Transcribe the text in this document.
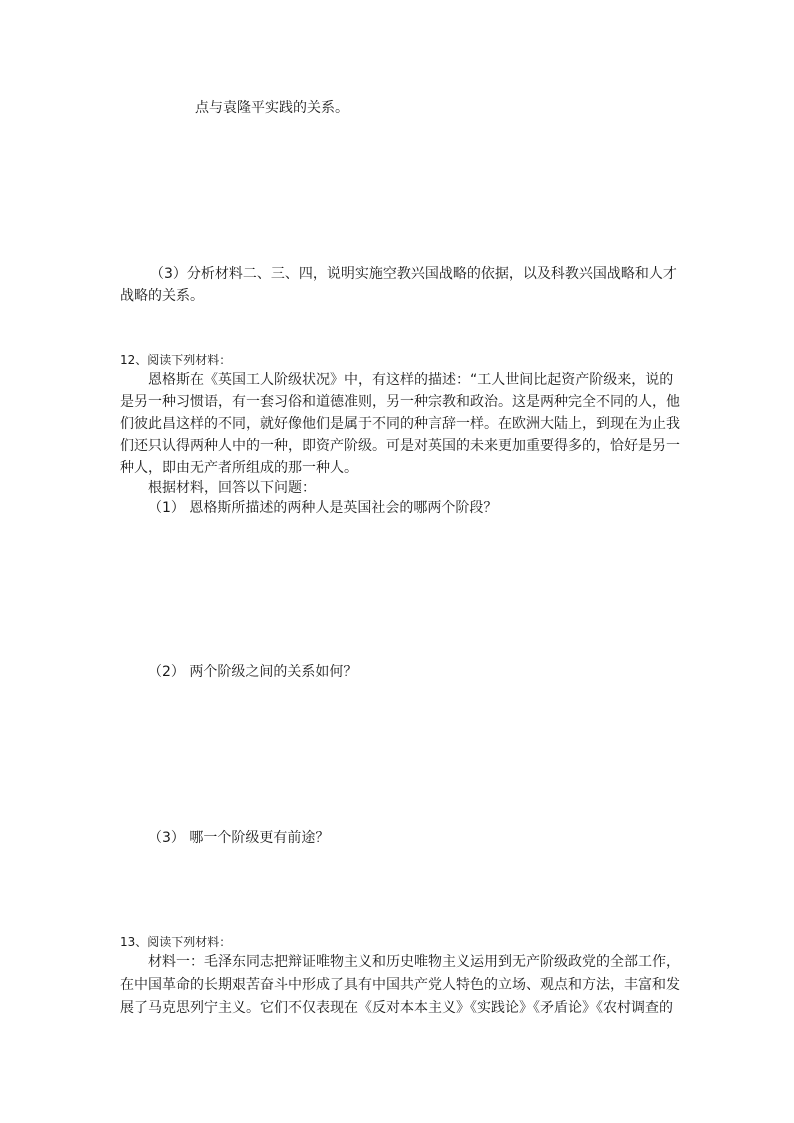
点与袁隆平实践的关系。
（3）分析材料二、三、四，说明实施空教兴国战略的依据，以及科教兴国战略和人才
战略的关系。
12、阅读下列材料：
恩格斯在《英国工人阶级状况》中，有这样的描述：“工人世间比起资产阶级来，说的
是另一种习惯语，有一套习俗和道德准则，另一种宗教和政治。这是两种完全不同的人，他
们彼此昌这样的不同，就好像他们是属于不同的种言辞一样。在欧洲大陆上，到现在为止我
们还只认得两种人中的一种，即资产阶级。可是对英国的未来更加重要得多的，恰好是另一
种人，即由无产者所组成的那一种人。
根据材料，回答以下问题：
（1） 恩格斯所描述的两种人是英国社会的哪两个阶段？
（2） 两个阶级之间的关系如何？
（3） 哪一个阶级更有前途？
13、阅读下列材料：
材料一：毛泽东同志把辩证唯物主义和历史唯物主义运用到无产阶级政党的全部工作，
在中国革命的长期艰苦奋斗中形成了具有中国共产党人特色的立场、观点和方法，丰富和发
展了马克思列宁主义。它们不仅表现在《反对本本主义》《实践论》《矛盾论》《农村调查的
